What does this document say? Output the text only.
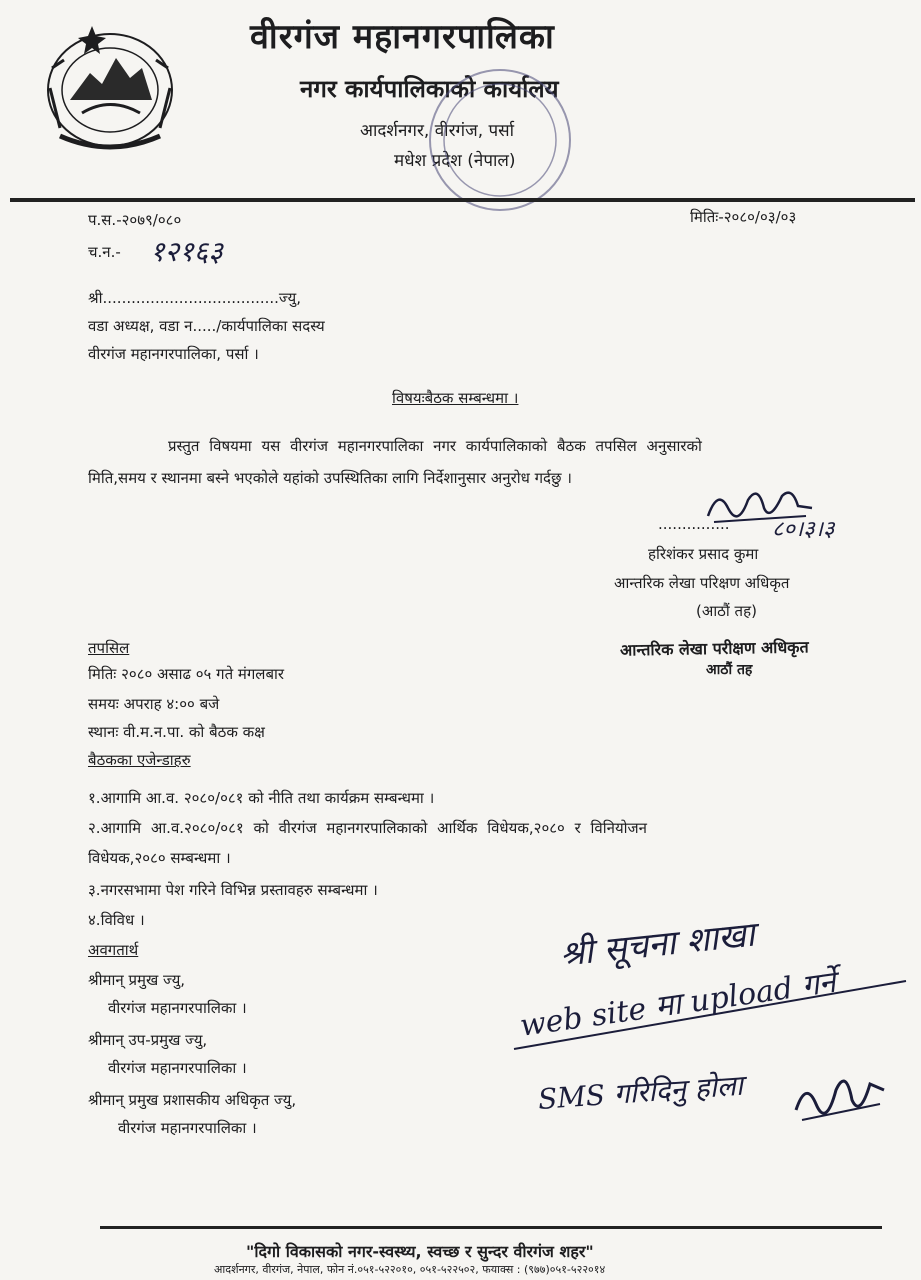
वीरगंज महानगरपालिका
नगर कार्यपालिकाको कार्यालय
आदर्शनगर, वीरगंज, पर्सा
मधेश प्रदेश (नेपाल)
प.स.-२०७९/०८०	मितिः-२०८०/०३/०३
च.न.- १२१६३
श्री.....................................ज्यु,
वडा अध्यक्ष, वडा न...../कार्यपालिका सदस्य
वीरगंज महानगरपालिका, पर्सा ।
विषयःबैठक सम्बन्धमा ।
प्रस्तुत विषयमा यस वीरगंज महानगरपालिका नगर कार्यपालिकाको बैठक तपसिल अनुसारको
मिति,समय र स्थानमा बस्ने भएकोले यहांको उपस्थितिका लागि निर्देशानुसार अनुरोध गर्दछु ।
............... ८०।३।३
हरिशंकर प्रसाद कुमा
आन्तरिक लेखा परिक्षण अधिकृत
(आठौं तह)
आन्तरिक लेखा परीक्षण अधिकृत
आठौं तह
तपसिल
मितिः २०८० असाढ ०५ गते मंगलबार
समयः अपराह ४:०० बजे
स्थानः वी.म.न.पा. को बैठक कक्ष
बैठकका एजेन्डाहरु
१.आगामि आ.व. २०८०/०८१ को नीति तथा कार्यक्रम सम्बन्धमा ।
२.आगामि आ.व.२०८०/०८१ को वीरगंज महानगरपालिकाको आर्थिक विधेयक,२०८० र विनियोजन
विधेयक,२०८० सम्बन्धमा ।
३.नगरसभामा पेश गरिने विभिन्न प्रस्तावहरु सम्बन्धमा ।
४.विविध ।
अवगतार्थ
श्रीमान् प्रमुख ज्यु,
वीरगंज महानगरपालिका ।
श्रीमान् उप-प्रमुख ज्यु,
वीरगंज महानगरपालिका ।
श्रीमान् प्रमुख प्रशासकीय अधिकृत ज्यु,
वीरगंज महानगरपालिका ।
श्री सूचना शाखा
web site मा upload गर्ने
SMS गरिदिनु होला
"दिगो विकासको नगर-स्वस्थ्य, स्वच्छ र सुन्दर वीरगंज शहर"
आदर्शनगर, वीरगंज, नेपाल, फोन नं.०५१-५२२०१०, ०५१-५२२५०२, फयाक्स : (९७७)०५१-५२२०१४
